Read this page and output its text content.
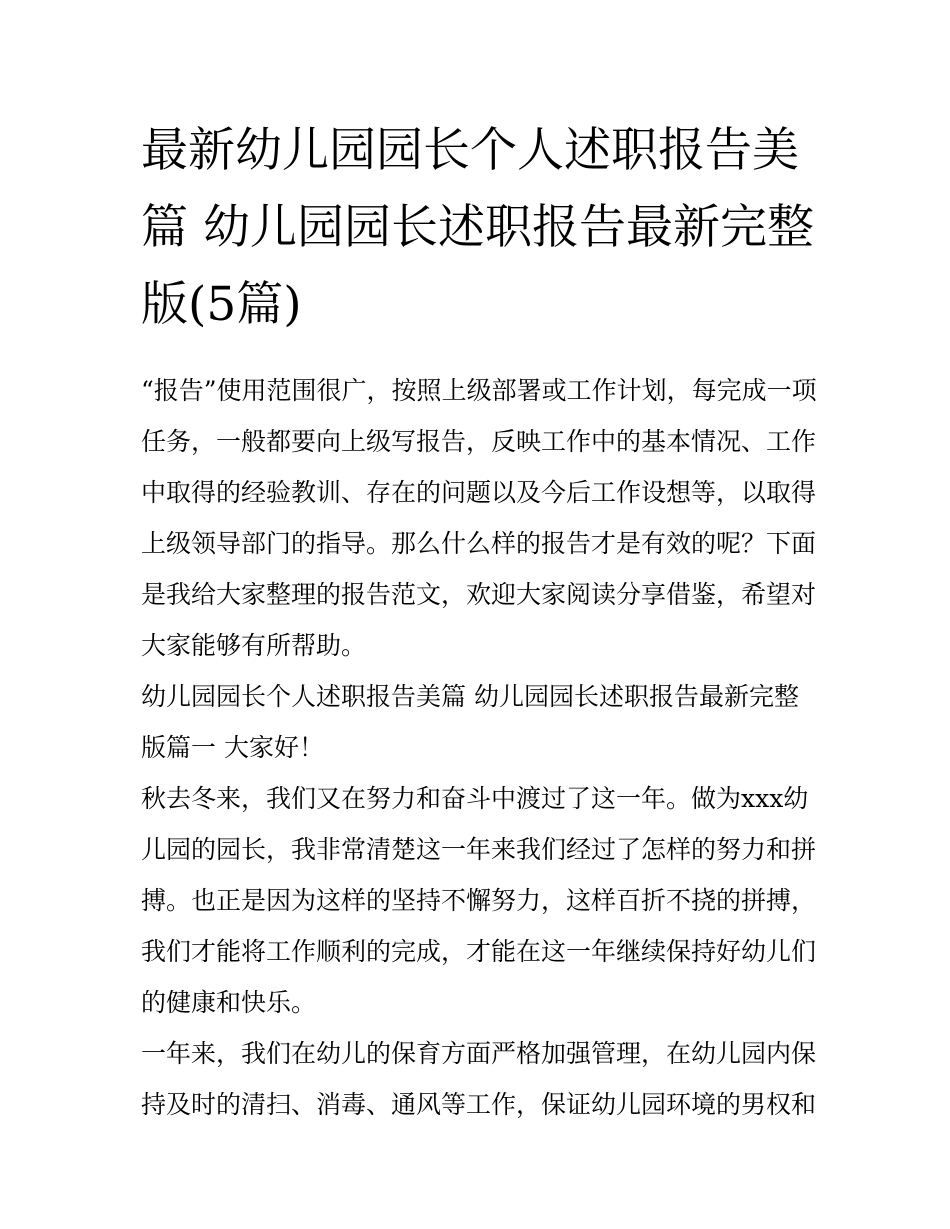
最新幼儿园园长个人述职报告美篇 幼儿园园长述职报告最新完整版(5篇)

“报告”使用范围很广，按照上级部署或工作计划，每完成一项任务，一般都要向上级写报告，反映工作中的基本情况、工作中取得的经验教训、存在的问题以及今后工作设想等，以取得上级领导部门的指导。那么什么样的报告才是有效的呢？下面是我给大家整理的报告范文，欢迎大家阅读分享借鉴，希望对大家能够有所帮助。

幼儿园园长个人述职报告美篇 幼儿园园长述职报告最新完整版篇一 大家好！

秋去冬来，我们又在努力和奋斗中渡过了这一年。做为xxx幼儿园的园长，我非常清楚这一年来我们经过了怎样的努力和拼搏。也正是因为这样的坚持不懈努力，这样百折不挠的拼搏，我们才能将工作顺利的完成，才能在这一年继续保持好幼儿们的健康和快乐。

一年来，我们在幼儿的保育方面严格加强管理，在幼儿园内保持及时的清扫、消毒、通风等工作，保证幼儿园环境的男权和
